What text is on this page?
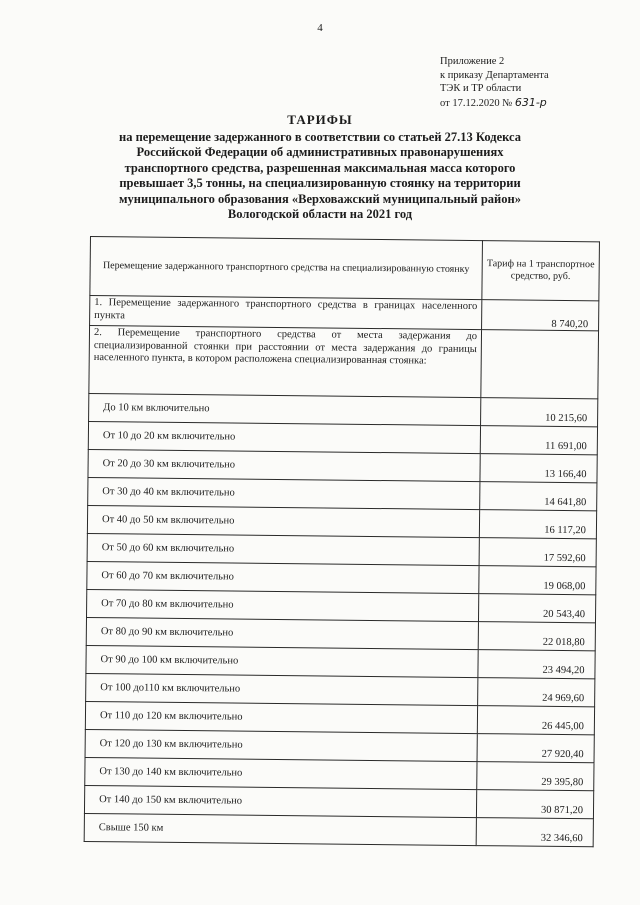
4
Приложение 2
к приказу Департамента
ТЭК и ТР области
от 17.12.2020 № 631-р
ТАРИФЫ
на перемещение задержанного в соответствии со статьей 27.13 Кодекса
Российской Федерации об административных правонарушениях
транспортного средства, разрешенная максимальная масса которого
превышает 3,5 тонны, на специализированную стоянку на территории
муниципального образования «Верховажский муниципальный район»
Вологодской области на 2021 год
Перемещение задержанного транспортного средства на специализированную стоянку	Тариф на 1 транспортное средство, руб.
1. Перемещение задержанного транспортного средства в границах населенного пункта	8 740,20
2. Перемещение транспортного средства от места задержания до специализированной стоянки при расстоянии от места задержания до границы населенного пункта, в котором расположена специализированная стоянка:	
До 10 км включительно	10 215,60
От 10 до 20 км включительно	11 691,00
От 20 до 30 км включительно	13 166,40
От 30 до 40 км включительно	14 641,80
От 40 до 50 км включительно	16 117,20
От 50 до 60 км включительно	17 592,60
От 60 до 70 км включительно	19 068,00
От 70 до 80 км включительно	20 543,40
От 80 до 90 км включительно	22 018,80
От 90 до 100 км включительно	23 494,20
От 100 до110 км включительно	24 969,60
От 110 до 120 км включительно	26 445,00
От 120 до 130 км включительно	27 920,40
От 130 до 140 км включительно	29 395,80
От 140 до 150 км включительно	30 871,20
Свыше 150 км	32 346,60
